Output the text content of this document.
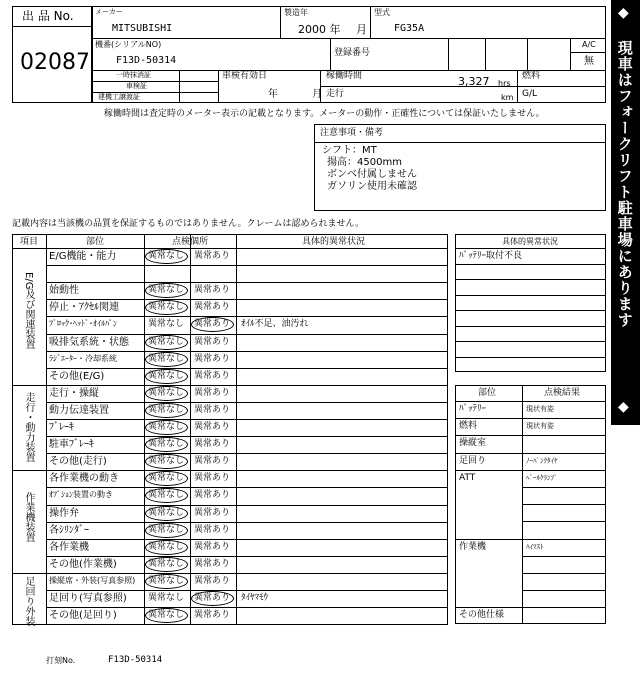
出 品 No.
02087
メーカー
MITSUBISHI
製造年
2000 年 月
型式
FG35A
機番(シリアルNO)
F13D-50314
登録番号
A/C
無
一時抹消証
車検証
建機工譲渡証
車検有効日
年	月
稼働時間	3,327 hrs
走行	km
燃料
G/L
稼働時間は査定時のメーター表示の記載となります。メーターの動作・正確性については保証いたしません。
注意事項・備考
シフト：MT
揚高：4500mm
ボンベ付属しません
ガソリン使用未確認
◆
現車はフォークリフト駐車場にあります
◆
記載内容は当該機の品質を保証するものではありません。クレームは認められません。
項目	部位	点検個所	具体的異常状況
E/G及び関連装置
走行・動力装置
作業機装置
足回り外装
E/G機能・能力	異常なし 異常あり
始動性	異常なし 異常あり
停止・ｱｸｾﾙ関連	異常なし 異常あり
ﾌﾞﾛｯｸ･ﾍｯﾄﾞ･ｵｲﾙﾊﾟﾝ	異常なし 異常あり ｵｲﾙ不足、油汚れ
吸排気系統・状態 異常なし 異常あり
ﾗｼﾞｴｰﾀｰ・冷却系統	異常なし 異常あり
その他(E/G)	異常なし 異常あり
走行・操縦	異常なし 異常あり
動力伝達装置	異常なし 異常あり
ﾌﾞﾚｰｷ	異常なし 異常あり
駐車ﾌﾞﾚｰｷ	異常なし 異常あり
その他(走行)	異常なし 異常あり
各作業機の動き	異常なし 異常あり
ｵﾌﾟｼｮﾝ装置の動き	異常なし 異常あり
操作弁	異常なし 異常あり
各ｼﾘﾝﾀﾞｰ	異常なし 異常あり
各作業機	異常なし 異常あり
その他(作業機)	異常なし 異常あり
操縦席・外装(写真参照) 異常なし 異常あり
足回り(写真参照) 異常なし 異常あり ﾀｲﾔﾏﾓｳ
その他(足回り)	異常なし 異常あり
具体的異常状況
ﾊﾞｯﾃﾘｰ取付不良
部位	点検結果
ﾊﾞｯﾃﾘｰ	現状有姿
燃料	現状有姿
操縦室
足回り	ﾉｰﾊﾟﾝｸﾀｲﾔ
ATT	ﾍﾞｰﾙｸﾗﾝﾌﾟ
作業機	ﾊｲﾏｽﾄ
その他仕様
打刻No.	F13D-50314
